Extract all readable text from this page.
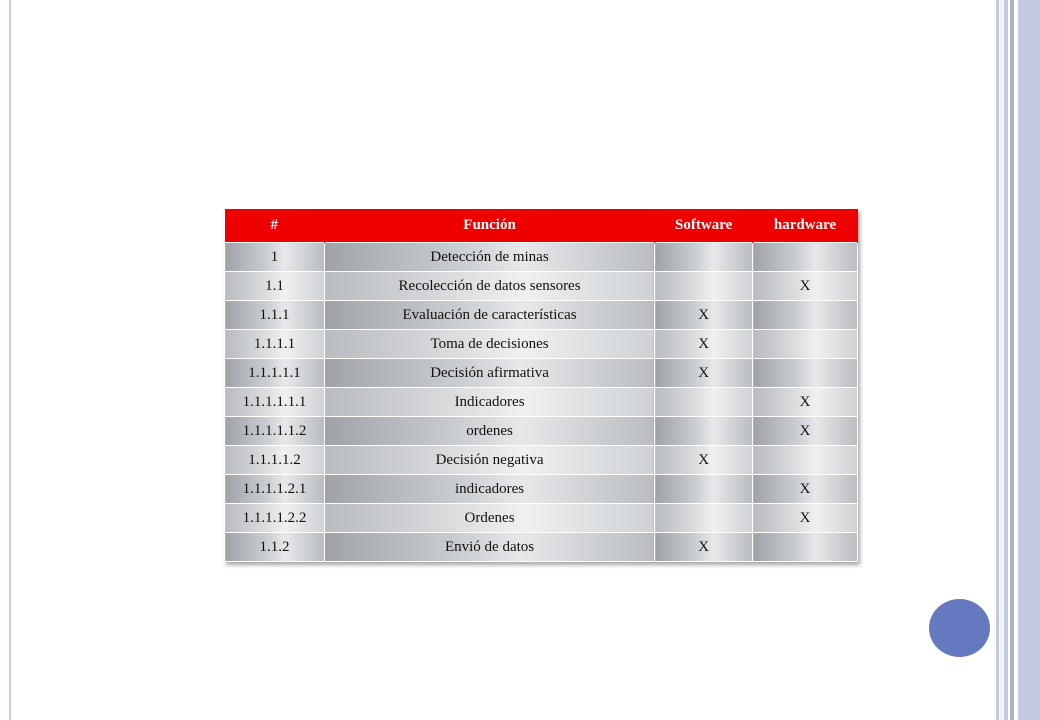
#	Función	Software	hardware
1	Detección de minas		
1.1	Recolección de datos sensores		X
1.1.1	Evaluación de características	X	
1.1.1.1	Toma de decisiones	X	
1.1.1.1.1	Decisión afirmativa	X	
1.1.1.1.1.1	Indicadores		X
1.1.1.1.1.2	ordenes		X
1.1.1.1.2	Decisión negativa	X	
1.1.1.1.2.1	indicadores		X
1.1.1.1.2.2	Ordenes		X
1.1.2	Envió de datos	X	
